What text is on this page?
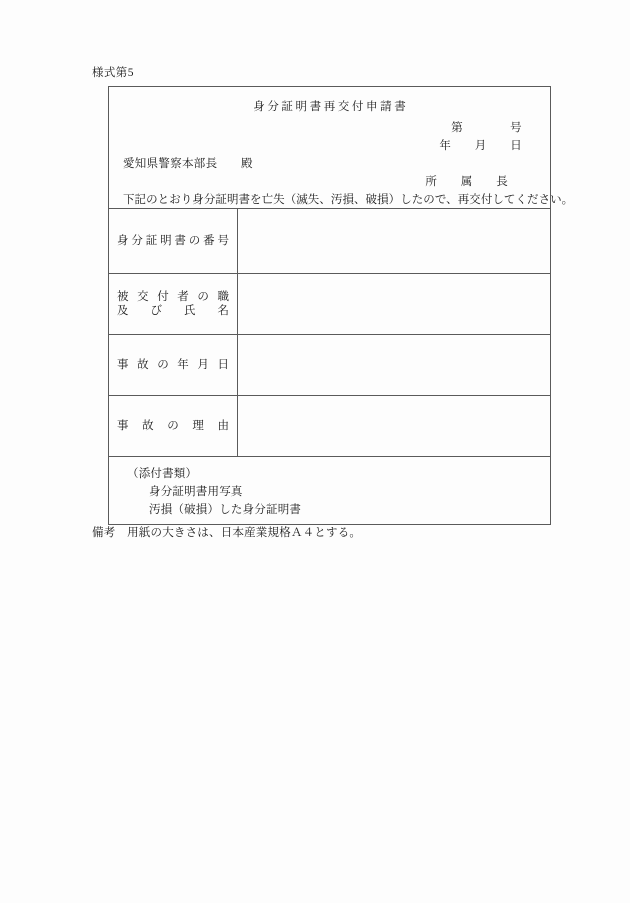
様式第5
身分証明書再交付申請書
第　　　　号
年　　月　　日
愛知県警察本部長　　殿
所　　属　　長
下記のとおり身分証明書を亡失（滅失、汚損、破損）したので、再交付してください。
身分証明書の番号
被交付者の職
及び氏名
事故の年月日
事故の理由
（添付書類）
身分証明書用写真
汚損（破損）した身分証明書
備考　用紙の大きさは、日本産業規格Ａ４とする。
